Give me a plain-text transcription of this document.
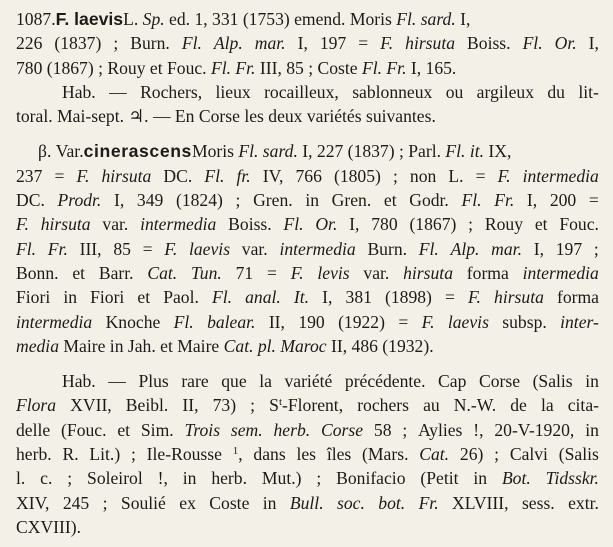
1087. F. laevis L. Sp. ed. 1, 331 (1753) emend. Moris Fl. sard. I,
226 (1837) ; Burn. Fl. Alp. mar. I, 197 = F. hirsuta Boiss. Fl. Or. I,
780 (1867) ; Rouy et Fouc. Fl. Fr. III, 85 ; Coste Fl. Fr. I, 165.
Hab. — Rochers, lieux rocailleux, sablonneux ou argileux du lit-
toral. Mai-sept. ♃. — En Corse les deux variétés suivantes.
β. Var. cinerascens Moris Fl. sard. I, 227 (1837) ; Parl. Fl. it. IX,
237 = F. hirsuta DC. Fl. fr. IV, 766 (1805) ; non L. = F. intermedia
DC. Prodr. I, 349 (1824) ; Gren. in Gren. et Godr. Fl. Fr. I, 200 =
F. hirsuta var. intermedia Boiss. Fl. Or. I, 780 (1867) ; Rouy et Fouc.
Fl. Fr. III, 85 = F. laevis var. intermedia Burn. Fl. Alp. mar. I, 197 ;
Bonn. et Barr. Cat. Tun. 71 = F. levis var. hirsuta forma intermedia
Fiori in Fiori et Paol. Fl. anal. It. I, 381 (1898) = F. hirsuta forma
intermedia Knoche Fl. balear. II, 190 (1922) = F. laevis subsp. inter-
media Maire in Jah. et Maire Cat. pl. Maroc II, 486 (1932).
Hab. — Plus rare que la variété précédente. Cap Corse (Salis in
Flora XVII, Beibl. II, 73) ; $S^t$-Florent, rochers au N.-W. de la cita-
delle (Fouc. et Sim. Trois sem. herb. Corse 58 ; Aylies !, 20-V-1920, in
herb. R. Lit.) ; Ile-Rousse $^1$, dans les îles (Mars. Cat. 26) ; Calvi (Salis
l. c. ; Soleirol !, in herb. Mut.) ; Bonifacio (Petit in Bot. Tidsskr.
XIV, 245 ; Soulié ex Coste in Bull. soc. bot. Fr. XLVIII, sess. extr.
CXVIII).
